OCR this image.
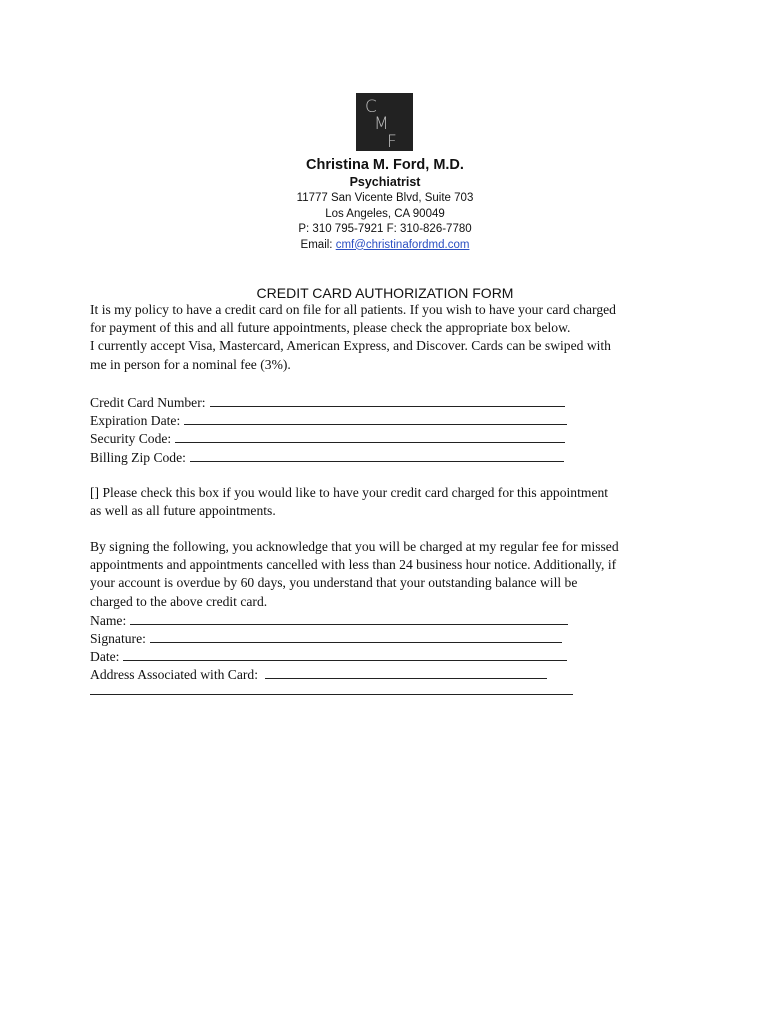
C
M
F
Christina M. Ford, M.D.
Psychiatrist
11777 San Vicente Blvd, Suite 703
Los Angeles, CA 90049
P: 310 795-7921 F: 310-826-7780
Email: cmf@christinafordmd.com
CREDIT CARD AUTHORIZATION FORM

It is my policy to have a credit card on file for all patients. If you wish to have your card charged

for payment of this and all future appointments, please check the appropriate box below.

I currently accept Visa, Mastercard, American Express, and Discover. Cards can be swiped with

me in person for a nominal fee (3%).

Credit Card Number:
Expiration Date:
Security Code:
Billing Zip Code:

[] Please check this box if you would like to have your credit card charged for this appointment

as well as all future appointments.

By signing the following, you acknowledge that you will be charged at my regular fee for missed

appointments and appointments cancelled with less than 24 business hour notice. Additionally, if

your account is overdue by 60 days, you understand that your outstanding balance will be

charged to the above credit card.

Name:
Signature:
Date:
Address Associated with Card:
